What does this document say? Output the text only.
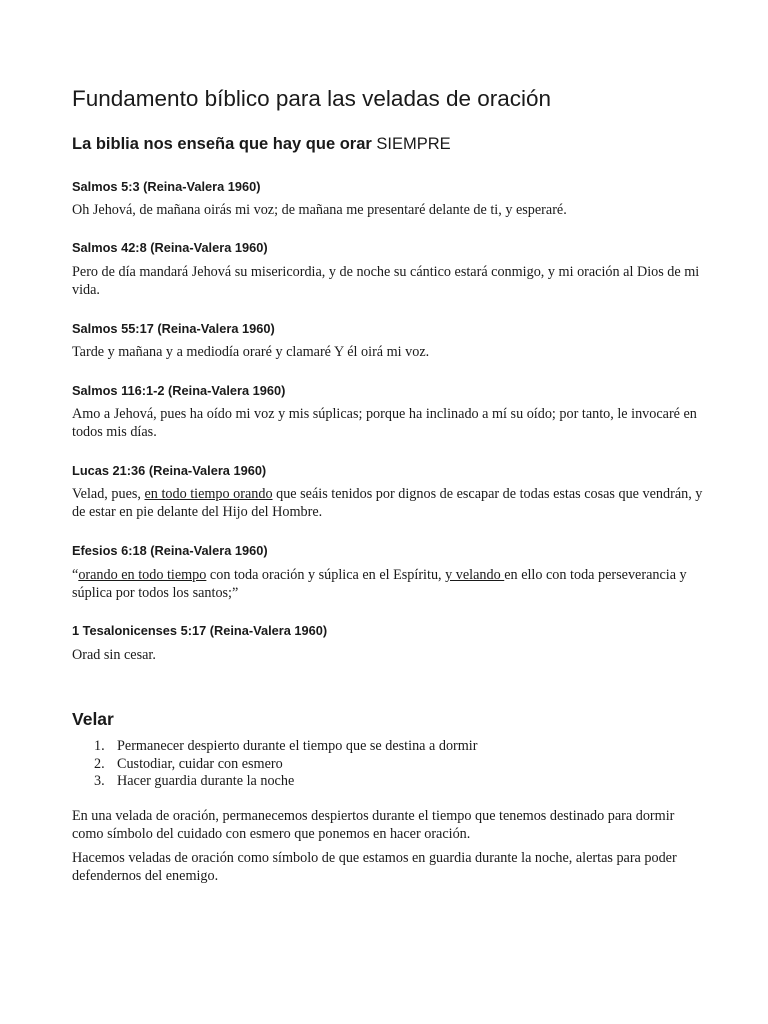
Fundamento bíblico para las veladas de oración
La biblia nos enseña que hay que orar SIEMPRE

Salmos 5:3 (Reina-Valera 1960)

Oh Jehová, de mañana oirás mi voz; de mañana me presentaré delante de ti, y esperaré.

Salmos 42:8 (Reina-Valera 1960)

Pero de día mandará Jehová su misericordia, y de noche su cántico estará conmigo, y mi oración al Dios de mi vida.

Salmos 55:17 (Reina-Valera 1960)

Tarde y mañana y a mediodía oraré y clamaré Y él oirá mi voz.

Salmos 116:1-2 (Reina-Valera 1960)

Amo a Jehová, pues ha oído mi voz y mis súplicas; porque ha inclinado a mí su oído; por tanto, le invocaré en todos mis días.

Lucas 21:36 (Reina-Valera 1960)

Velad, pues, en todo tiempo orando que seáis tenidos por dignos de escapar de todas estas cosas que vendrán, y de estar en pie delante del Hijo del Hombre.

Efesios 6:18 (Reina-Valera 1960)

“orando en todo tiempo con toda oración y súplica en el Espíritu, y velando en ello con toda perseverancia y súplica por todos los santos;”

1 Tesalonicenses 5:17 (Reina-Valera 1960)

Orad sin cesar.

Velar
1. Permanecer despierto durante el tiempo que se destina a dormir
2. Custodiar, cuidar con esmero
3. Hacer guardia durante la noche

En una velada de oración, permanecemos despiertos durante el tiempo que tenemos destinado para dormir como símbolo del cuidado con esmero que ponemos en hacer oración.

Hacemos veladas de oración como símbolo de que estamos en guardia durante la noche, alertas para poder defendernos del enemigo.
